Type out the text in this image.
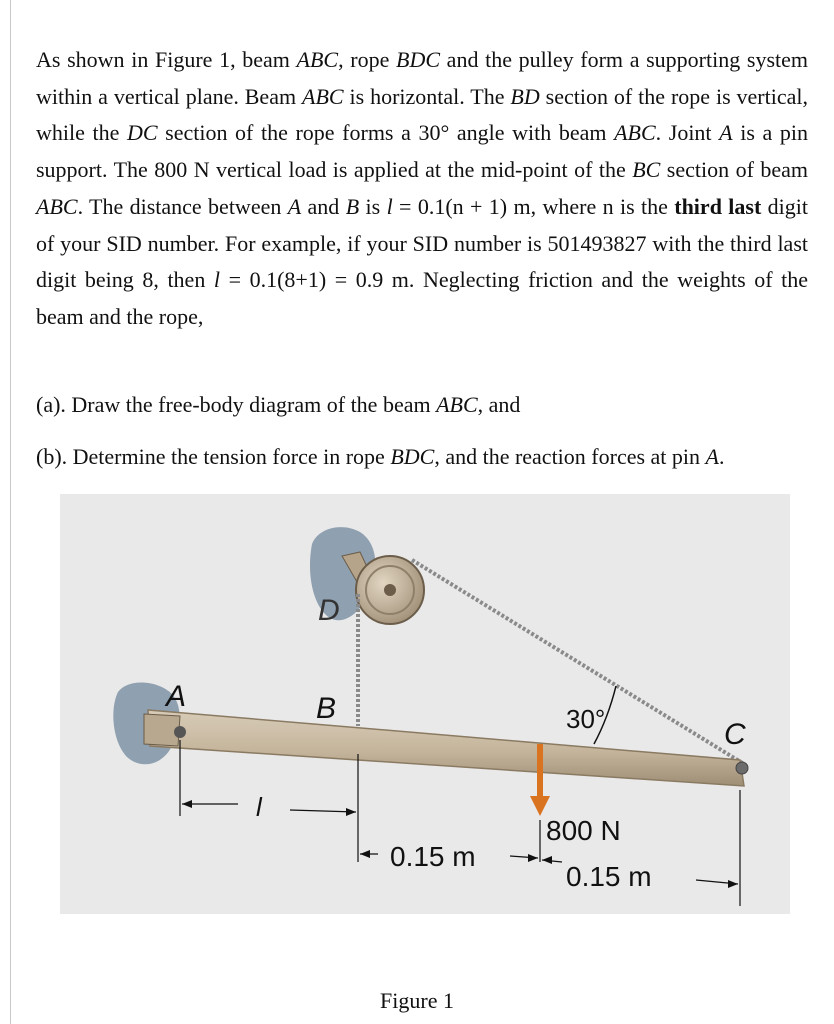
As shown in Figure 1, beam ABC, rope BDC and the pulley form a supporting system within a vertical plane. Beam ABC is horizontal. The BD section of the rope is vertical, while the DC section of the rope forms a 30° angle with beam ABC. Joint A is a pin support. The 800 N vertical load is applied at the mid-point of the BC section of beam ABC. The distance between A and B is l = 0.1(n + 1) m, where n is the third last digit of your SID number. For example, if your SID number is 501493827 with the third last digit being 8, then l = 0.1(8+1) = 0.9 m. Neglecting friction and the weights of the beam and the rope,

(a). Draw the free-body diagram of the beam ABC, and
(b). Determine the tension force in rope BDC, and the reaction forces at pin A.
30°
D
A	B
C
800 N
l
0.15 m
0.15 m
Figure 1
